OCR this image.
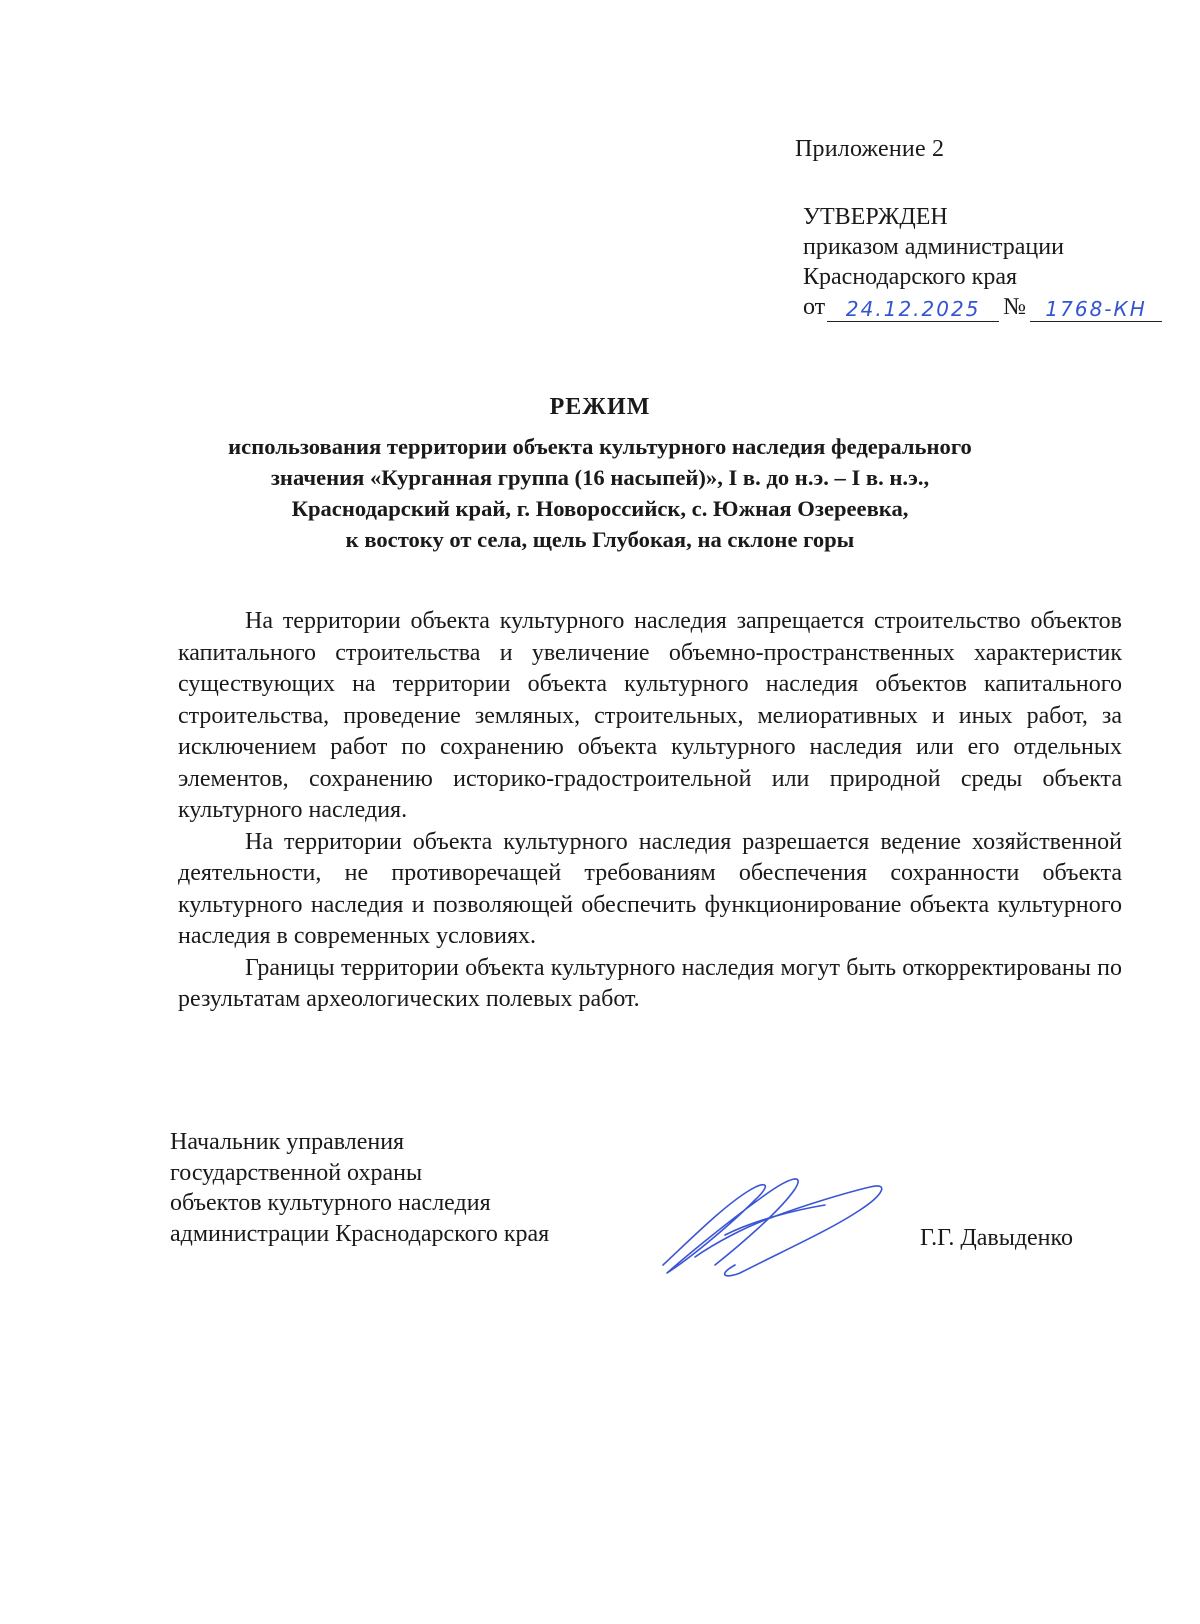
Приложение 2
УТВЕРЖДЕН
приказом администрации
Краснодарского края
от	24.12.2025 № 1768-КН
РЕЖИМ
использования территории объекта культурного наследия федерального
значения «Курганная группа (16 насыпей)», I в. до н.э. – I в. н.э.,
Краснодарский край, г. Новороссийск, с. Южная Озереевка,
к востоку от села, щель Глубокая, на склоне горы

На территории объекта культурного наследия запрещается строительство объектов капитального строительства и увеличение объемно-пространственных характеристик существующих на территории объекта культурного наследия объектов капитального строительства, проведение земляных, строительных, мелиоративных и иных работ, за исключением работ по сохранению объекта культурного наследия или его отдельных элементов, сохранению историко-градостроительной или природной среды объекта культурного наследия.

На территории объекта культурного наследия разрешается ведение хозяйственной деятельности, не противоречащей требованиям обеспечения сохранности объекта культурного наследия и позволяющей обеспечить функционирование объекта культурного наследия в современных условиях.

Границы территории объекта культурного наследия могут быть откорректированы по результатам археологических полевых работ.

Начальник управления
государственной охраны
объектов культурного наследия
администрации Краснодарского края	Г.Г. Давыденко
